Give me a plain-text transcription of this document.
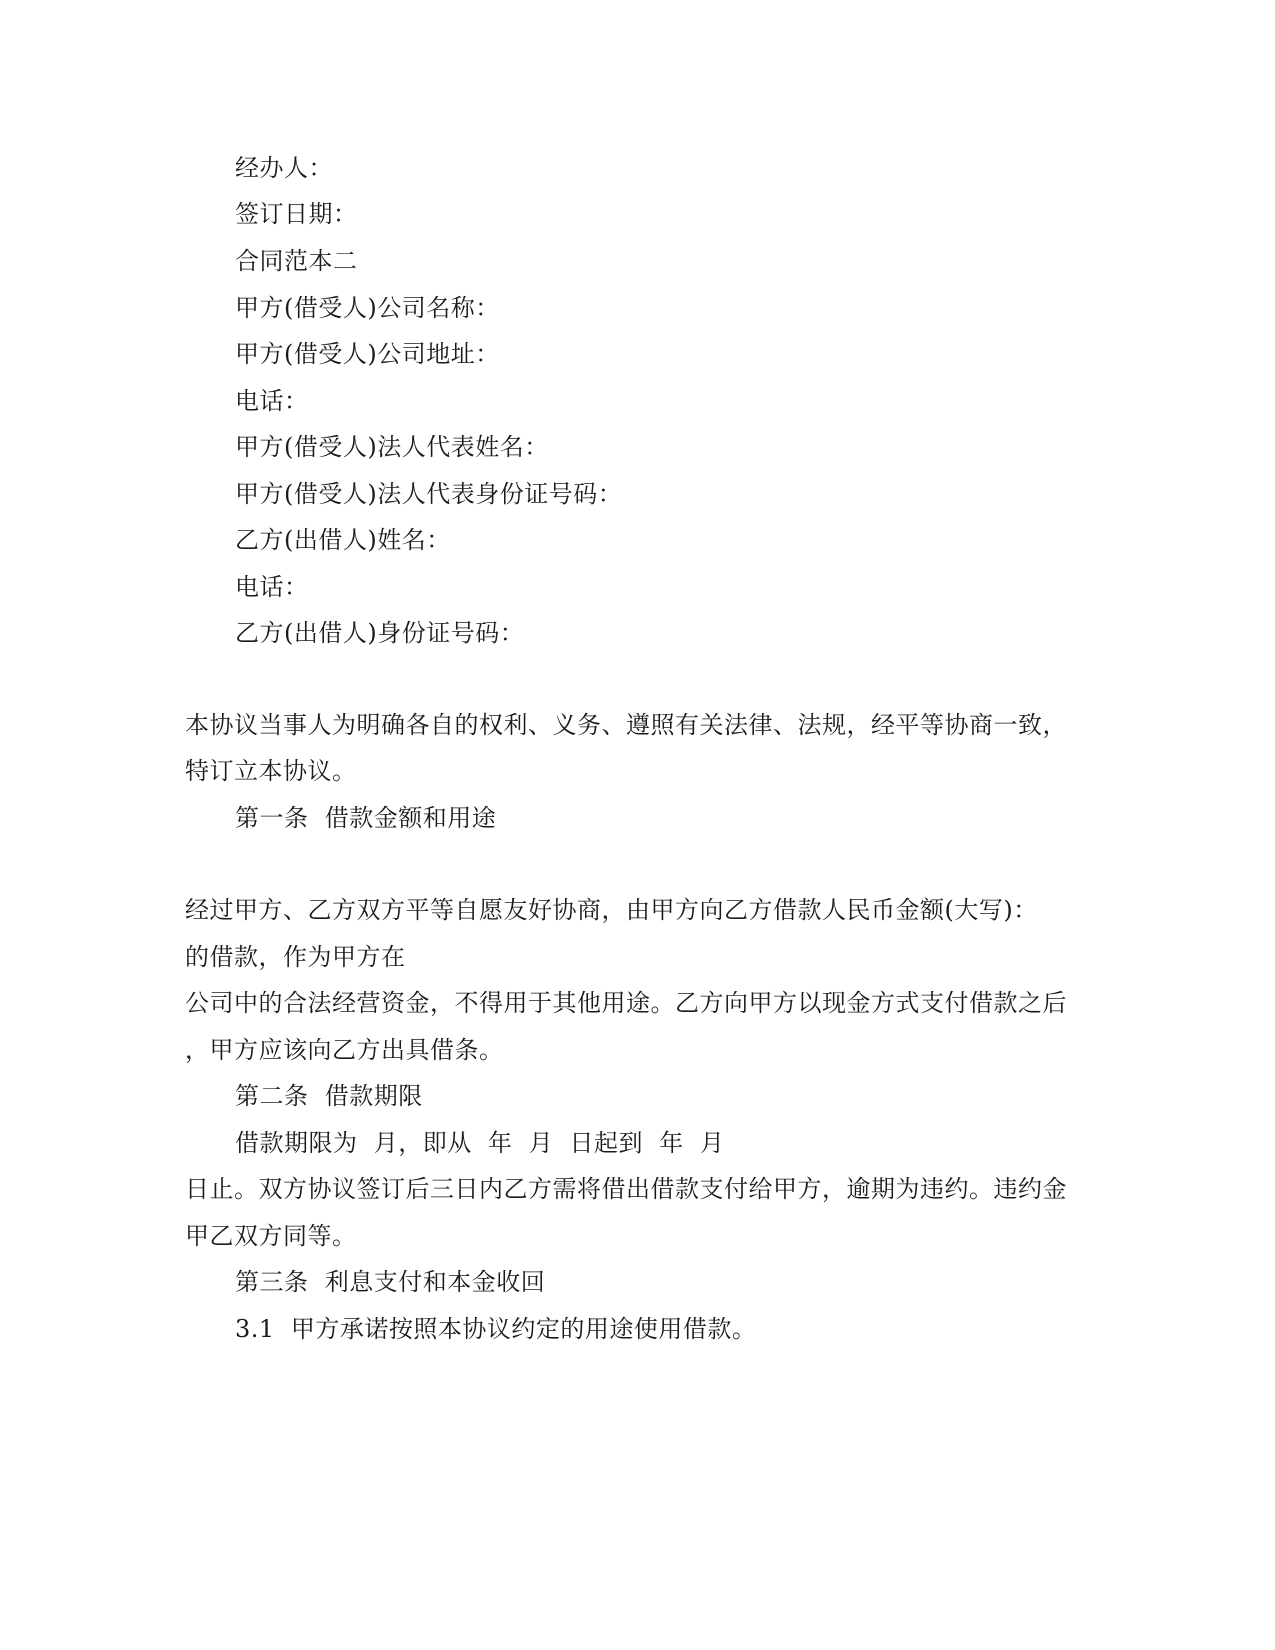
经办人：
签订日期：
合同范本二
甲方(借受人)公司名称：
甲方(借受人)公司地址：
电话：
甲方(借受人)法人代表姓名：
甲方(借受人)法人代表身份证号码：
乙方(出借人)姓名：
电话：
乙方(出借人)身份证号码：
本协议当事人为明确各自的权利、义务、遵照有关法律、法规，经平等协商一致，
特订立本协议。
第一条  借款金额和用途
经过甲方、乙方双方平等自愿友好协商，由甲方向乙方借款人民币金额(大写)：
的借款，作为甲方在
公司中的合法经营资金，不得用于其他用途。乙方向甲方以现金方式支付借款之后
，甲方应该向乙方出具借条。
第二条  借款期限
借款期限为  月，即从  年  月  日起到  年  月
日止。双方协议签订后三日内乙方需将借出借款支付给甲方，逾期为违约。违约金
甲乙双方同等。
第三条  利息支付和本金收回
3.1  甲方承诺按照本协议约定的用途使用借款。
